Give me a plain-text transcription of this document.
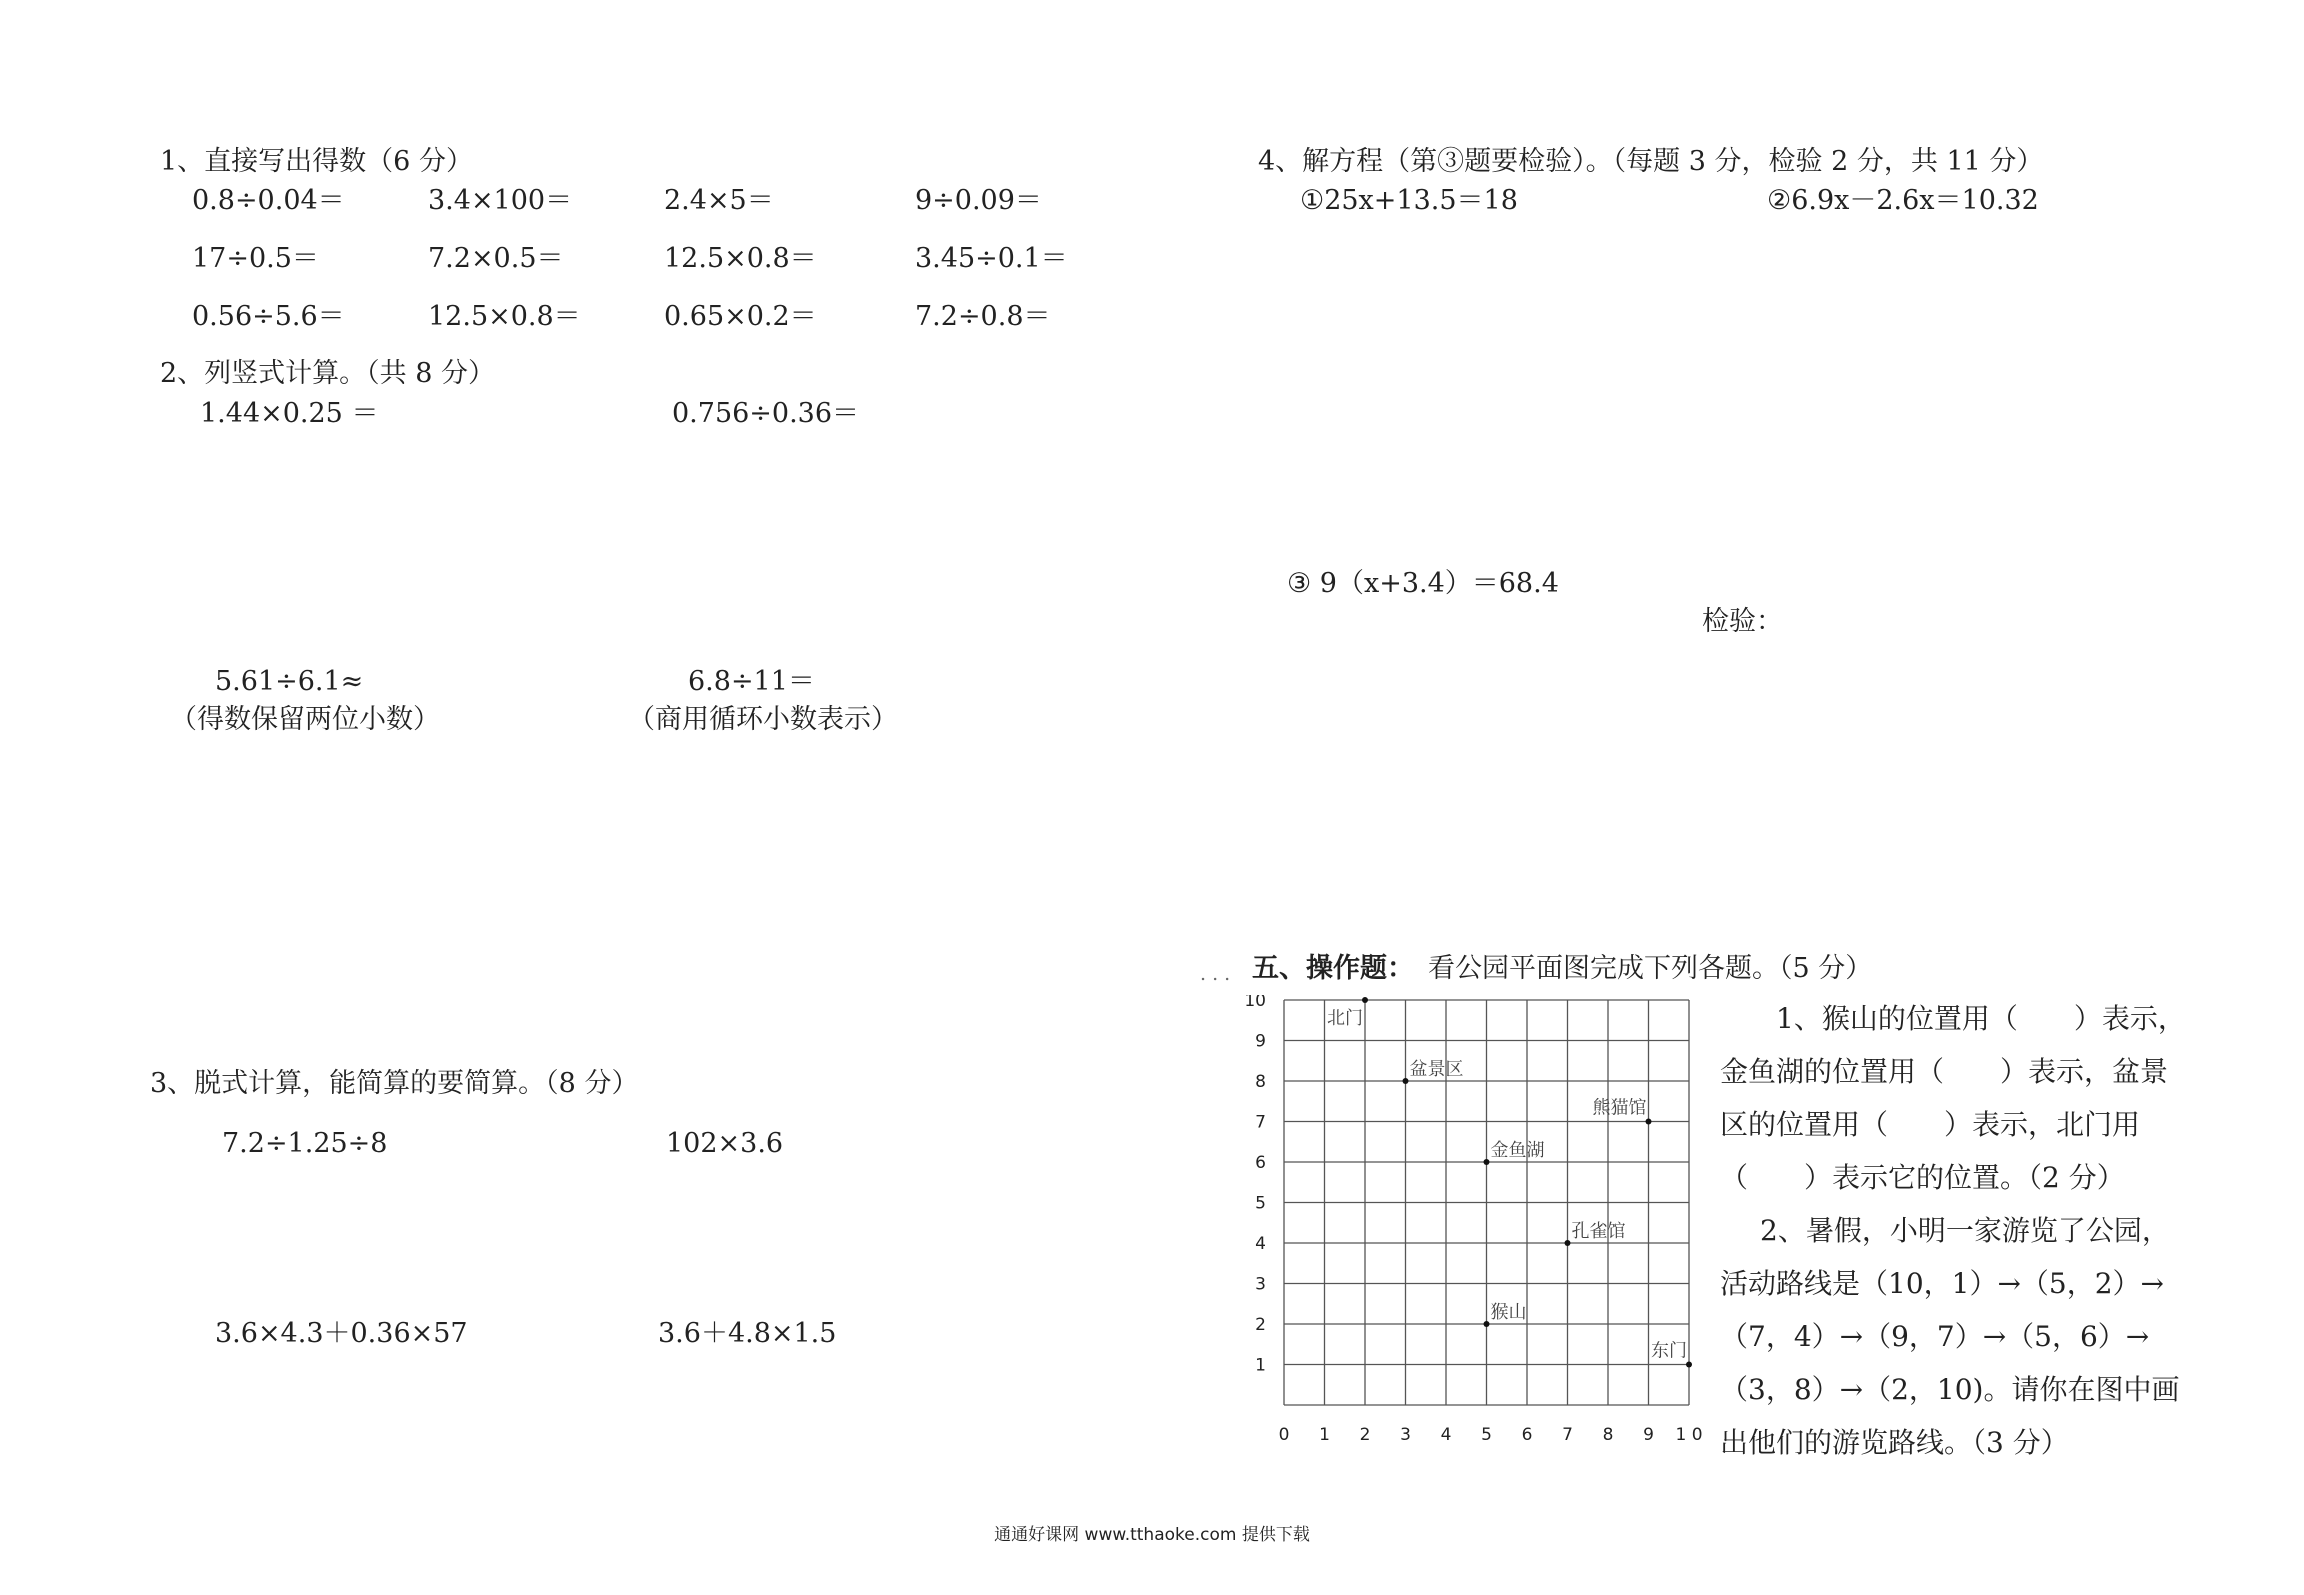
1、直接写出得数（6 分）
0.8÷0.04＝	3.4×100＝	2.4×5＝	9÷0.09＝
17÷0.5＝	7.2×0.5＝	12.5×0.8＝	3.45÷0.1＝
0.56÷5.6＝	12.5×0.8＝	0.65×0.2＝	7.2÷0.8＝
2、列竖式计算。（共 8 分）
1.44×0.25 ＝	0.756÷0.36＝
5.61÷6.1≈
（得数保留两位小数）
6.8÷11＝
（商用循环小数表示）
3、脱式计算，能简算的要简算。（8 分）
7.2÷1.25÷8	102×3.6
3.6×4.3＋0.36×57	3.6＋4.8×1.5
4、解方程（第③题要检验）。（每题 3 分，检验 2 分，共 11 分）
①25x+13.5＝18	②6.9x－2.6x＝10.32
③ 9（x+3.4）＝68.4
检验：
. . . 五、操作题： 看公园平面图完成下列各题。（5 分）
1、猴山的位置用（　　）表示，金鱼湖的位置用（　　）表示，盆景区的位置用（　　）表示，北门用（　　）表示它的位置。（2 分）
2、暑假，小明一家游览了公园，活动路线是（10，1）→（5，2）→（7，4）→（9，7）→（5，6）→（3，8）→（2，10)。请你在图中画出他们的游览路线。（3 分）
0 1 2 3 4 5 6 7 8 9 1 0
1
2
3
4
5
6
7
8
9
10
北门
盆景区
熊猫馆
金鱼湖
孔雀馆
猴山
东门
通通好课网 www.tthaoke.com 提供下载
